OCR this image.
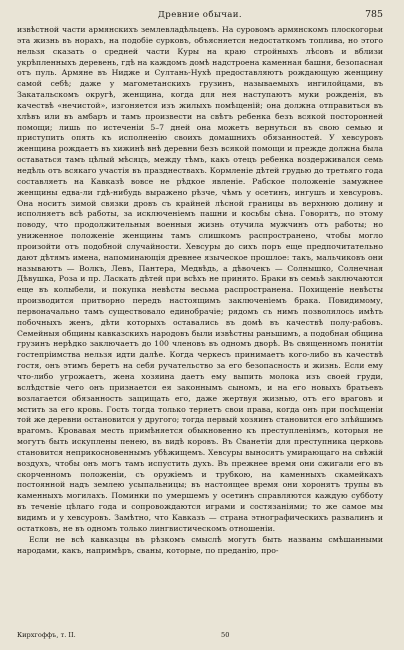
Древние обычаи.	785

извѣстной части армянскихъ землевладѣльцевъ. На суровомъ армянскомъ плоскогорьи эта жизнь въ норахъ, на подобіе сурковъ, объясняется недостаткомъ топлива, но этого нельзя сказать о средней части Куры на краю стройныхъ лѣсовъ и вблизи укрѣпленныхъ деревень, гдѣ на каждомъ домѣ надстроена каменная башня, безопасная отъ пуль. Армяне въ Нидже и Султань-Нухѣ предоставляютъ рождающую женщину самой себѣ; даже у магометанскихъ грузинъ, называемыхъ ингилойцами, въ Закатальскомъ округѣ, женщина, когда для нея наступаютъ муки рожденія, въ качествѣ «нечистой», изгоняется изъ жилыхъ помѣщеній; она должна отправиться въ хлѣвъ или въ амбаръ и тамъ произвести на свѣтъ ребенка безъ всякой посторонней помощи; лишь по истеченіи 5–7 дней она можетъ вернуться въ свою семью и приступить опять къ исполненію своихъ домашнихъ обязанностей. У хевсуровъ женщина рождаетъ въ хижинѣ внѣ деревни безъ всякой помощи и прежде должна была оставаться тамъ цѣлый мѣсяцъ, между тѣмъ, какъ отецъ ребенка воздерживался семь недѣль отъ всякаго участія въ празднествахъ. Кормленіе дѣтей грудью до третьяго года составляетъ на Кавказѣ вовсе не рѣдкое явленіе. Рабское положеніе замужнее женщины едва-ли гдѣ-нибудь выражено рѣзче, чѣмъ у осетинъ, ингушъ и хевсуровъ. Она носитъ зимой связки дровъ съ крайней лѣсной границы въ верхнюю долину и исполняетъ всѣ работы, за исключеніемъ пашни и косьбы сѣна. Говорятъ, по этому поводу, что продолжительныя военныя жизнь отучила мужчинъ отъ работы; но униженное положеніе женщины тамъ слишкомъ распространено, чтобы могло произойти отъ подобной случайности. Хевсуры до сихъ поръ еще предпочитательно дают дѣтямъ имена, напоминающія древнее языческое прошлое: такъ, мальчиковъ они называютъ — Волкъ, Левъ, Пантера, Медвѣдь, а дѣвочекъ — Солнышко, Солнечная Дѣвушка, Роза и пр. Ласкать дѣтей при всѣхъ не принято. Браки въ семьѣ заключаются еще въ колыбели, и покупка невѣсты весьма распространена. Похищеніе невѣсты производится притворно передъ настоящимъ заключеніемъ брака. Повидимому, первоначально тамъ существовало единобрачіе; рядомъ съ нимъ позволялось имѣть побочныхъ женъ, дѣти которыхъ оставались въ домѣ въ качествѣ полу-рабовъ. Семейныя общины кавказскихъ народовъ были извѣстны раньшимъ, а подобная община грузинъ нерѣдко заключаетъ до 100 членовъ въ одномъ дворѣ. Въ священномъ понятіи гостепріимства нельзя идти далѣе. Когда черкесъ принимаетъ кого-либо въ качествѣ гостя, онъ этимъ беретъ на себя ручательство за его безопасность и жизнь. Если ему что-либо угрожаетъ, жена хозяина даетъ ему выпить молока изъ своей груди, вслѣдствіе чего онъ признается ея законнымъ сыномъ, и на его новыхъ братьевъ возлагается обязанность защищать его, даже жертвуя жизнью, отъ его враговъ и мстить за его кровь. Гость тогда только теряетъ свои права, когда онъ при посѣщеніи той же деревни остановится у другого; тогда первый хозяинъ становится его злѣйшимъ врагомъ. Кровавая месть примѣняется обыкновенно къ преступленіямъ, которыя не могутъ быть искуплены пенею, въ видѣ коровъ. Въ Сванетіи для преступника церковь становится неприкосновеннымъ убѣжищемъ. Хевсуры выносятъ умирающаго на свѣжій воздухъ, чтобы онъ могъ тамъ испустить духъ. Въ прежнее время они сжигали его въ скорченномъ положеніи, съ оружіемъ и трубкою, на каменныхъ скамейкахъ постоянной надъ землею усыпальницы; въ настоящее время они хоронятъ трупы въ каменныхъ могилахъ. Поминки по умершемъ у осетинъ справляются каждую субботу въ теченіе цѣлаго года и сопровождаются играми и состязаніями; то же самое мы видимъ и у хевсуровъ. Замѣтно, что Кавказъ — страна этнографическихъ развалинъ и остатковъ, не въ одномъ только лингвистическомъ отношеніи.

Если не всѣ кавказцы въ рѣзкомъ смыслѣ могутъ быть названы смѣшанными народами, какъ, напримѣръ, сваны, которые, по преданію, про-

Кирхгоффъ, т. II.	50
